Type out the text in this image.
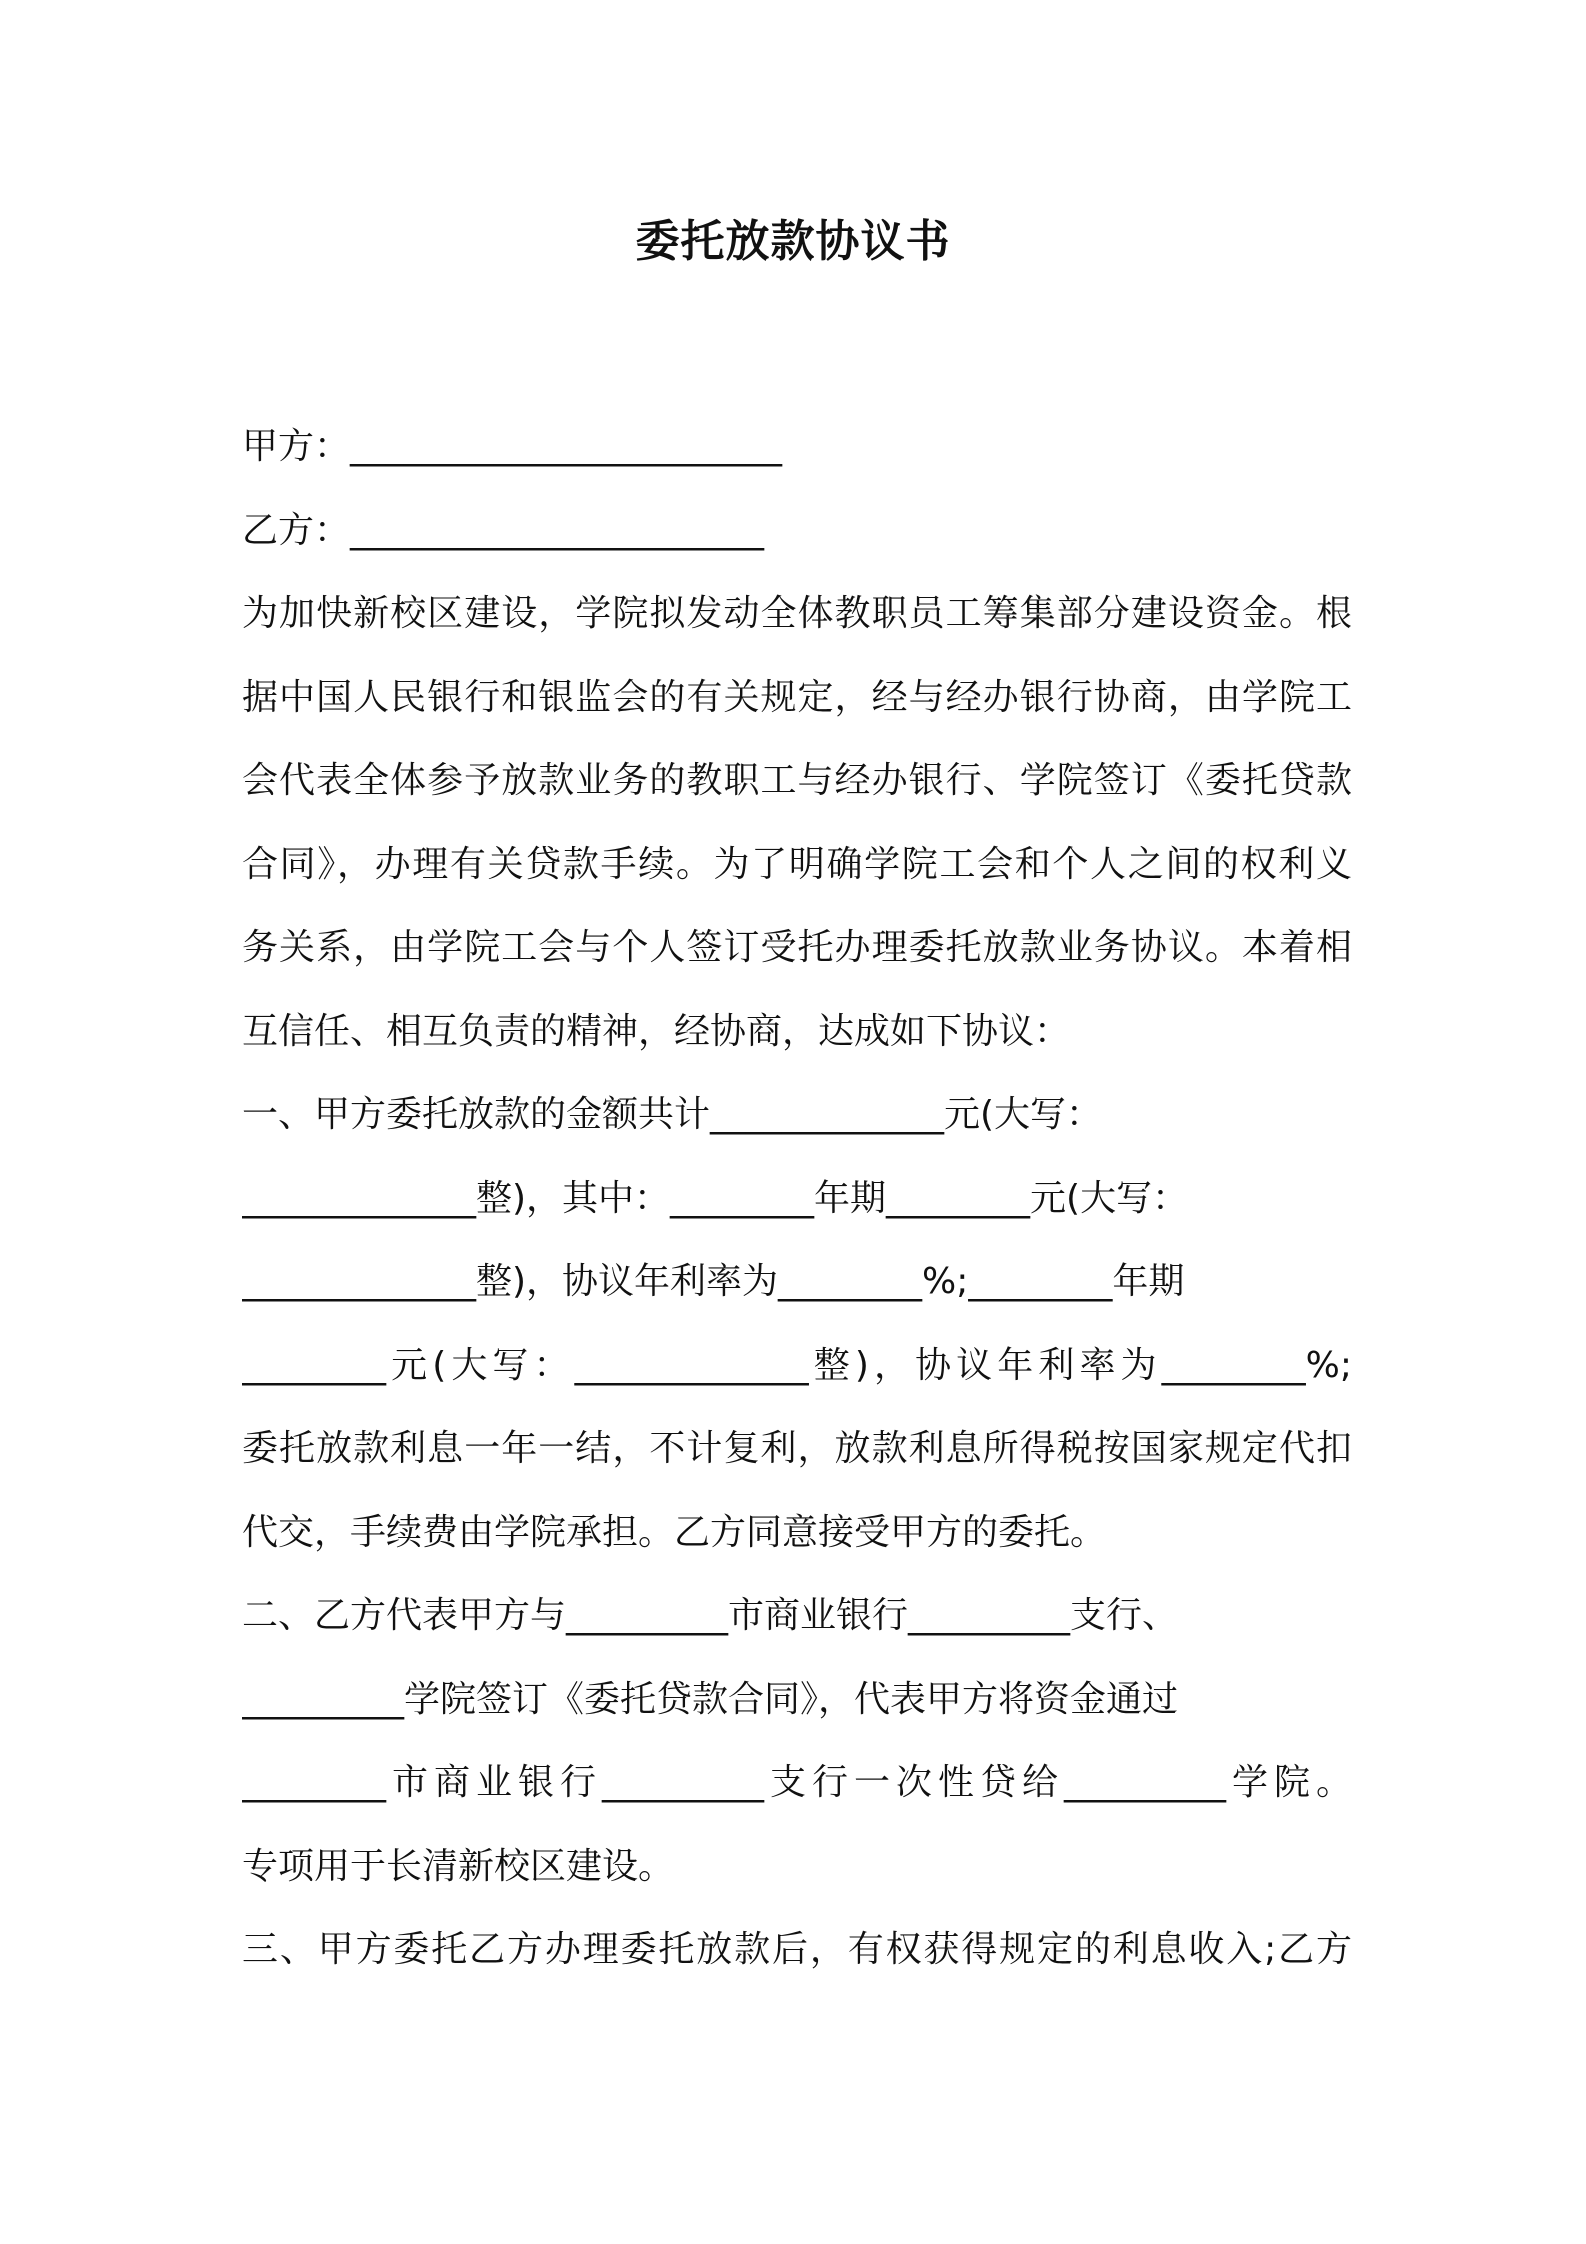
委托放款协议书
甲方：________________________
乙方：_______________________
为加快新校区建设，学院拟发动全体教职员工筹集部分建设资金。根
据中国人民银行和银监会的有关规定，经与经办银行协商，由学院工
会代表全体参予放款业务的教职工与经办银行、学院签订《委托贷款
合同》，办理有关贷款手续。为了明确学院工会和个人之间的权利义
务关系，由学院工会与个人签订受托办理委托放款业务协议。本着相
互信任、相互负责的精神，经协商，达成如下协议：
一、甲方委托放款的金额共计_____________元(大写：
_____________整)，其中：________年期________元(大写：
_____________整)，协议年利率为________%;________年期
________元(大写：_____________整)，协议年利率为________%;
委托放款利息一年一结，不计复利，放款利息所得税按国家规定代扣
代交，手续费由学院承担。乙方同意接受甲方的委托。
二、乙方代表甲方与_________市商业银行_________支行、
_________学院签订《委托贷款合同》，代表甲方将资金通过
________市商业银行_________支行一次性贷给_________学院。
专项用于长清新校区建设。
三、甲方委托乙方办理委托放款后，有权获得规定的利息收入;乙方
